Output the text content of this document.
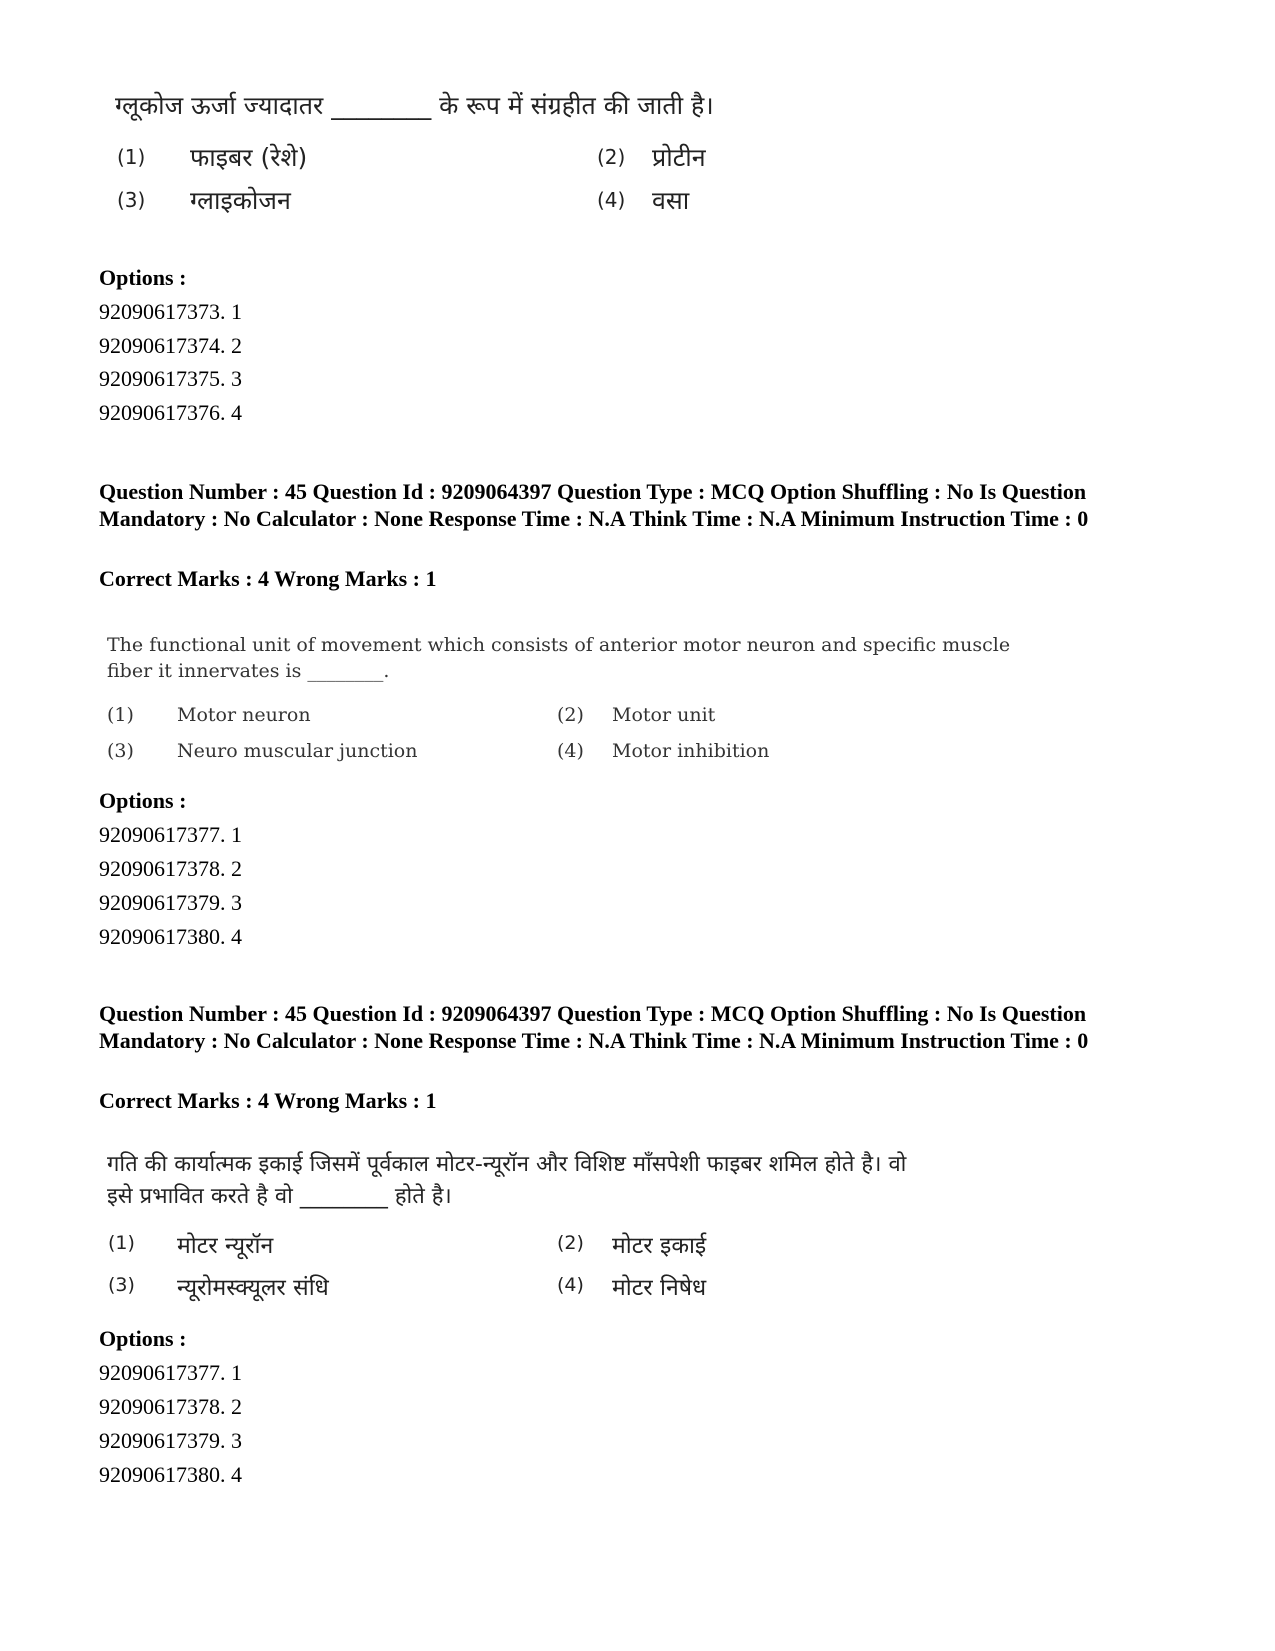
ग्लूकोज ऊर्जा ज्यादातर ________ के रूप में संग्रहीत की जाती है।
(1) फाइबर (रेशे)	(2) प्रोटीन
(3) ग्लाइकोजन	(4) वसा
Options :
92090617373. 1
92090617374. 2
92090617375. 3
92090617376. 4
Question Number : 45 Question Id : 9209064397 Question Type : MCQ Option Shuffling : No Is Question Mandatory : No Calculator : None Response Time : N.A Think Time : N.A Minimum Instruction Time : 0
Correct Marks : 4 Wrong Marks : 1
The functional unit of movement which consists of anterior motor neuron and specific muscle
fiber it innervates is ________.
(1) Motor neuron	(2) Motor unit
(3) Neuro muscular junction	(4) Motor inhibition
Options :
92090617377. 1
92090617378. 2
92090617379. 3
92090617380. 4
Question Number : 45 Question Id : 9209064397 Question Type : MCQ Option Shuffling : No Is Question Mandatory : No Calculator : None Response Time : N.A Think Time : N.A Minimum Instruction Time : 0
Correct Marks : 4 Wrong Marks : 1
गति की कार्यात्मक इकाई जिसमें पूर्वकाल मोटर-न्यूरॉन और विशिष्ट माँसपेशी फाइबर शमिल होते है। वो
इसे प्रभावित करते है वो ________ होते है।
(1) मोटर न्यूरॉन	(2) मोटर इकाई
(3) न्यूरोमस्क्यूलर संधि	(4) मोटर निषेध
Options :
92090617377. 1
92090617378. 2
92090617379. 3
92090617380. 4
